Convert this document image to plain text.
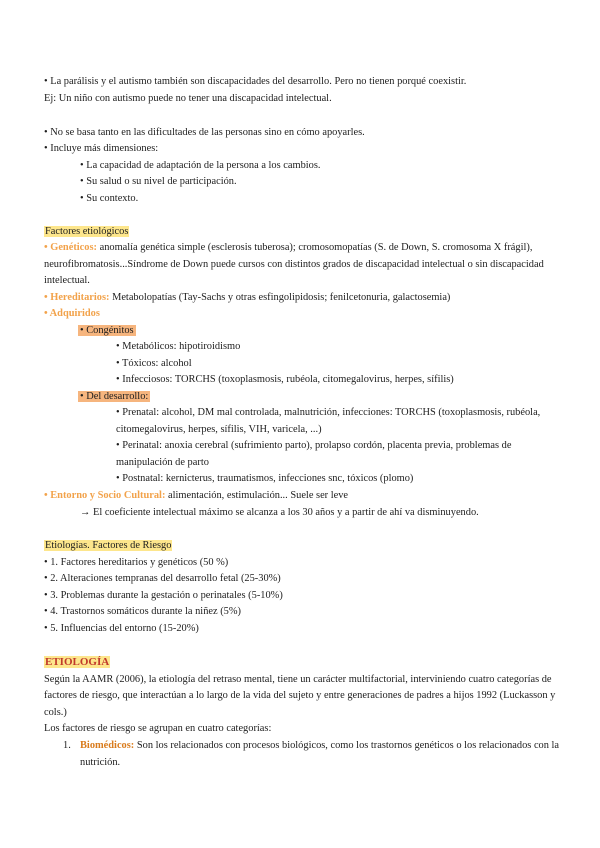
• La parálisis y el autismo también son discapacidades del desarrollo. Pero no tienen porqué coexistir.
Ej: Un niño con autismo puede no tener una discapacidad intelectual.
• No se basa tanto en las dificultades de las personas sino en cómo apoyarles.
• Incluye más dimensiones:
• La capacidad de adaptación de la persona a los cambios.
• Su salud o su nivel de participación.
• Su contexto.
Factores etiológicos
• Genéticos: anomalía genética simple (esclerosis tuberosa); cromosomopatías (S. de Down, S. cromosoma X frágil),
neurofibromatosis...Síndrome de Down puede cursos con distintos grados de discapacidad intelectual o sin discapacidad
intelectual.
• Hereditarios: Metabolopatías (Tay-Sachs y otras esfingolipidosis; fenilcetonuria, galactosemia)
• Adquiridos
• Congénitos
• Metabólicos: hipotiroidismo
• Tóxicos: alcohol
• Infecciosos: TORCHS (toxoplasmosis, rubéola, citomegalovirus, herpes, sífilis)
• Del desarrollo:
• Prenatal: alcohol, DM mal controlada, malnutrición, infecciones: TORCHS (toxoplasmosis, rubéola,
citomegalovirus, herpes, sífilis, VIH, varicela, ...)
• Perinatal: anoxia cerebral (sufrimiento parto), prolapso cordón, placenta previa, problemas de
manipulación de parto
• Postnatal: kernicterus, traumatismos, infecciones snc, tóxicos (plomo)
• Entorno y Socio Cultural: alimentación, estimulación... Suele ser leve
→ El coeficiente intelectual máximo se alcanza a los 30 años y a partir de ahí va disminuyendo.
Etiologías. Factores de Riesgo
• 1. Factores hereditarios y genéticos (50 %)
• 2. Alteraciones tempranas del desarrollo fetal (25-30%)
• 3. Problemas durante la gestación o perinatales (5-10%)
• 4. Trastornos somáticos durante la niñez (5%)
• 5. Influencias del entorno (15-20%)
ETIOLOGÍA
Según la AAMR (2006), la etiología del retraso mental, tiene un carácter multifactorial, interviniendo cuatro categorías de
factores de riesgo, que interactúan a lo largo de la vida del sujeto y entre generaciones de padres a hijos 1992 (Luckasson y
cols.)
Los factores de riesgo se agrupan en cuatro categorías:
1. Biomédicos: Son los relacionados con procesos biológicos, como los trastornos genéticos o los relacionados con la
nutrición.
